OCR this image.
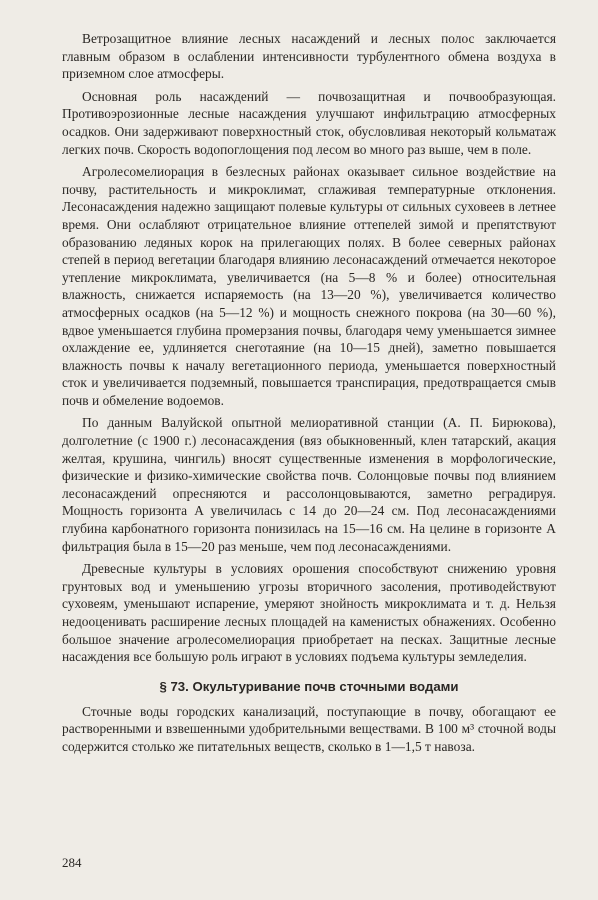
Ветрозащитное влияние лесных насаждений и лесных полос заключается главным образом в ослаблении интенсивности турбулентного обмена воздуха в приземном слое атмосферы.

Основная роль насаждений — почвозащитная и почвообразующая. Противоэрозионные лесные насаждения улучшают инфильтрацию атмосферных осадков. Они задерживают поверхностный сток, обусловливая некоторый кольматаж легких почв. Скорость водопоглощения под лесом во много раз выше, чем в поле.

Агролесомелиорация в безлесных районах оказывает сильное воздействие на почву, растительность и микроклимат, сглаживая температурные отклонения. Лесонасаждения надежно защищают полевые культуры от сильных суховеев в летнее время. Они ослабляют отрицательное влияние оттепелей зимой и препятствуют образованию ледяных корок на прилегающих полях. В более северных районах степей в период вегетации благодаря влиянию лесонасаждений отмечается некоторое утепление микроклимата, увеличивается (на 5—8 % и более) относительная влажность, снижается испаряемость (на 13—20 %), увеличивается количество атмосферных осадков (на 5—12 %) и мощность снежного покрова (на 30—60 %), вдвое уменьшается глубина промерзания почвы, благодаря чему уменьшается зимнее охлаждение ее, удлиняется снеготаяние (на 10—15 дней), заметно повышается влажность почвы к началу вегетационного периода, уменьшается поверхностный сток и увеличивается подземный, повышается транспирация, предотвращается смыв почв и обмеление водоемов.

По данным Валуйской опытной мелиоративной станции (А. П. Бирюкова), долголетние (с 1900 г.) лесонасаждения (вяз обыкновенный, клен татарский, акация желтая, крушина, чингиль) вносят существенные изменения в морфологические, физические и физико-химические свойства почв. Солонцовые почвы под влиянием лесонасаждений опресняются и рассолонцовываются, заметно реградируя. Мощность горизонта A увеличилась с 14 до 20—24 см. Под лесонасаждениями глубина карбонатного горизонта понизилась на 15—16 см. На целине в горизонте A фильтрация была в 15—20 раз меньше, чем под лесонасаждениями.

Древесные культуры в условиях орошения способствуют снижению уровня грунтовых вод и уменьшению угрозы вторичного засоления, противодействуют суховеям, уменьшают испарение, умеряют знойность микроклимата и т. д. Нельзя недооценивать расширение лесных площадей на каменистых обнажениях. Особенно большое значение агролесомелиорация приобретает на песках. Защитные лесные насаждения все большую роль играют в условиях подъема культуры земледелия.

§ 73. Окультуривание почв сточными водами

Сточные воды городских канализаций, поступающие в почву, обогащают ее растворенными и взвешенными удобрительными веществами. В 100 м³ сточной воды содержится столько же питательных веществ, сколько в 1—1,5 т навоза.

284
